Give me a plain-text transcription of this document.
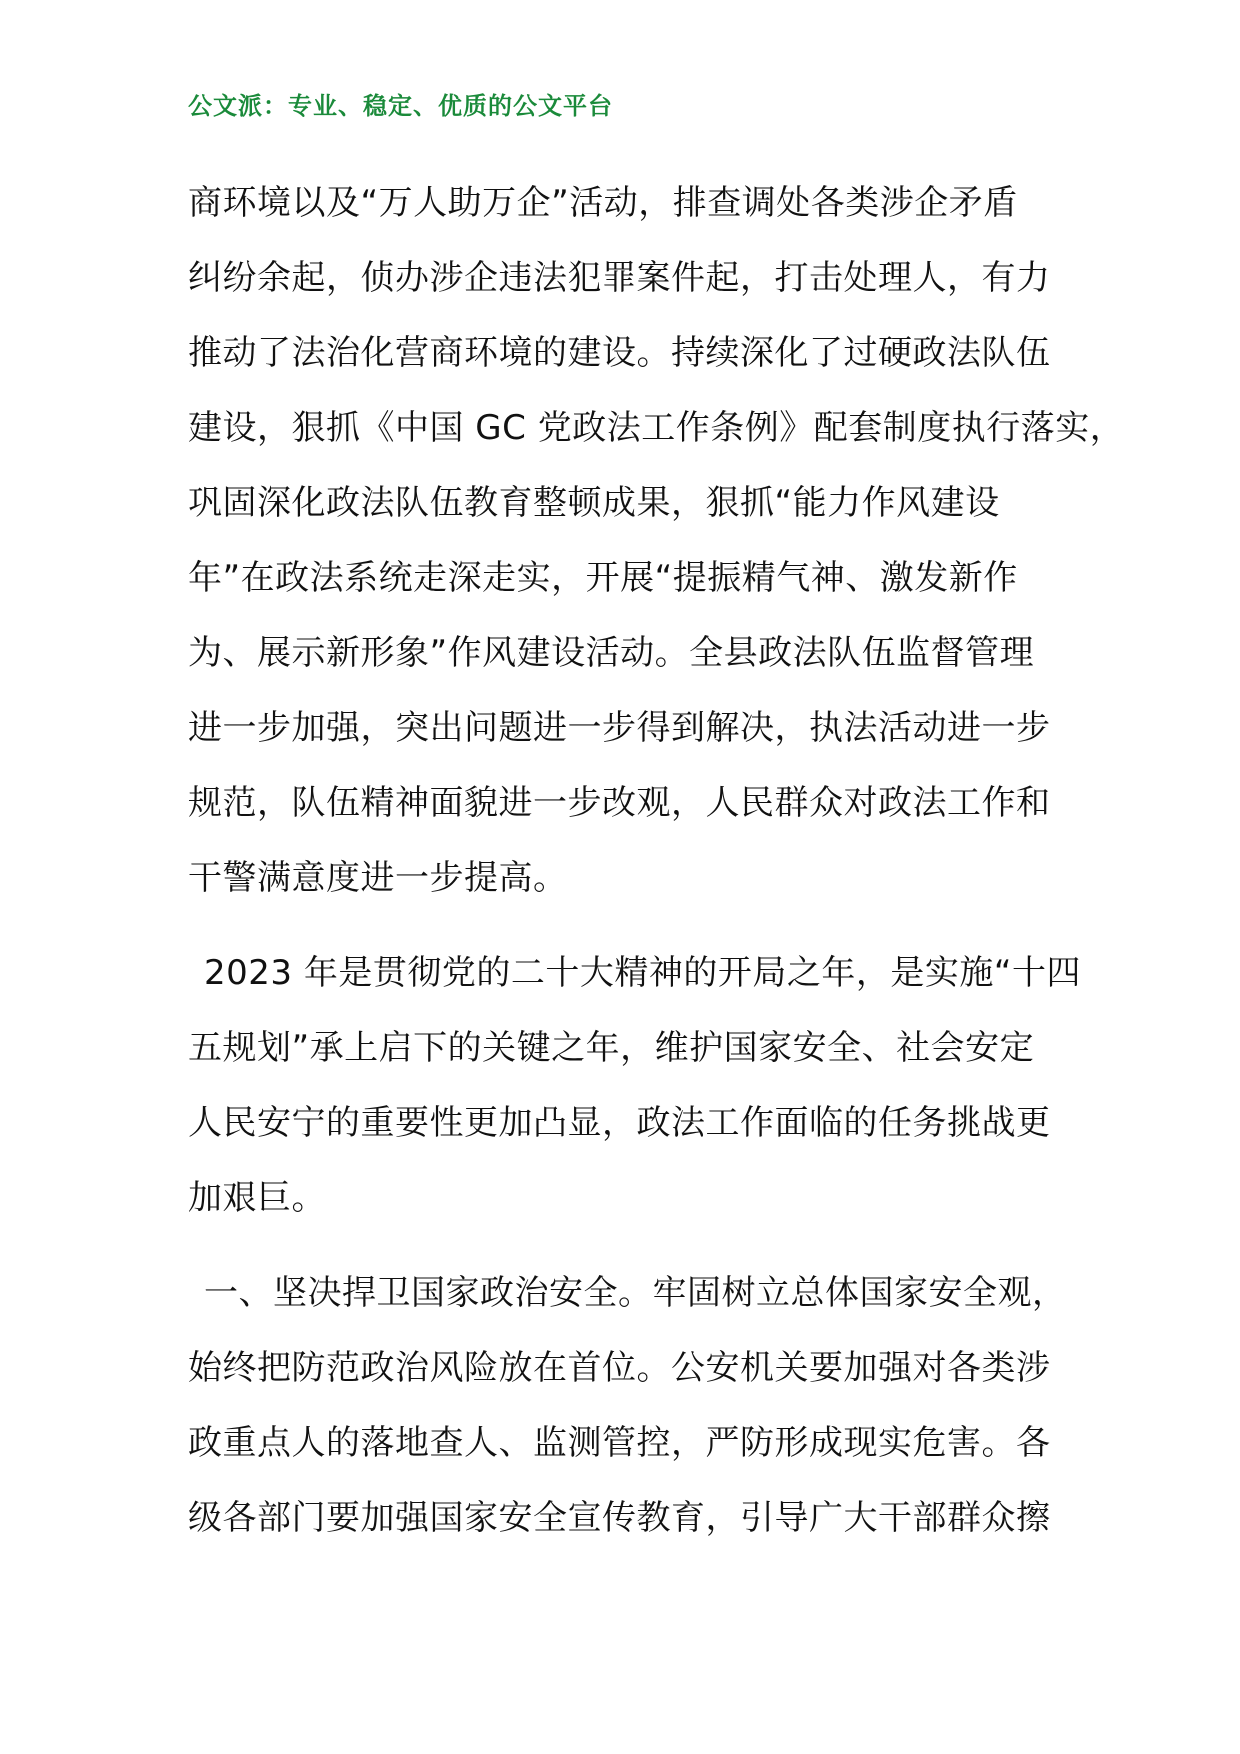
公文派：专业、稳定、优质的公文平台
商环境以及“万人助万企”活动，排查调处各类涉企矛盾
纠纷余起，侦办涉企违法犯罪案件起，打击处理人，有力
推动了法治化营商环境的建设。持续深化了过硬政法队伍
建设，狠抓《中国 GC 党政法工作条例》配套制度执行落实，
巩固深化政法队伍教育整顿成果，狠抓“能力作风建设
年”在政法系统走深走实，开展“提振精气神、激发新作
为、展示新形象”作风建设活动。全县政法队伍监督管理
进一步加强，突出问题进一步得到解决，执法活动进一步
规范，队伍精神面貌进一步改观，人民群众对政法工作和
干警满意度进一步提高。
2023 年是贯彻党的二十大精神的开局之年，是实施“十四
五规划”承上启下的关键之年，维护国家安全、社会安定
人民安宁的重要性更加凸显，政法工作面临的任务挑战更
加艰巨。
一、坚决捍卫国家政治安全。牢固树立总体国家安全观，
始终把防范政治风险放在首位。公安机关要加强对各类涉
政重点人的落地查人、监测管控，严防形成现实危害。各
级各部门要加强国家安全宣传教育，引导广大干部群众擦
